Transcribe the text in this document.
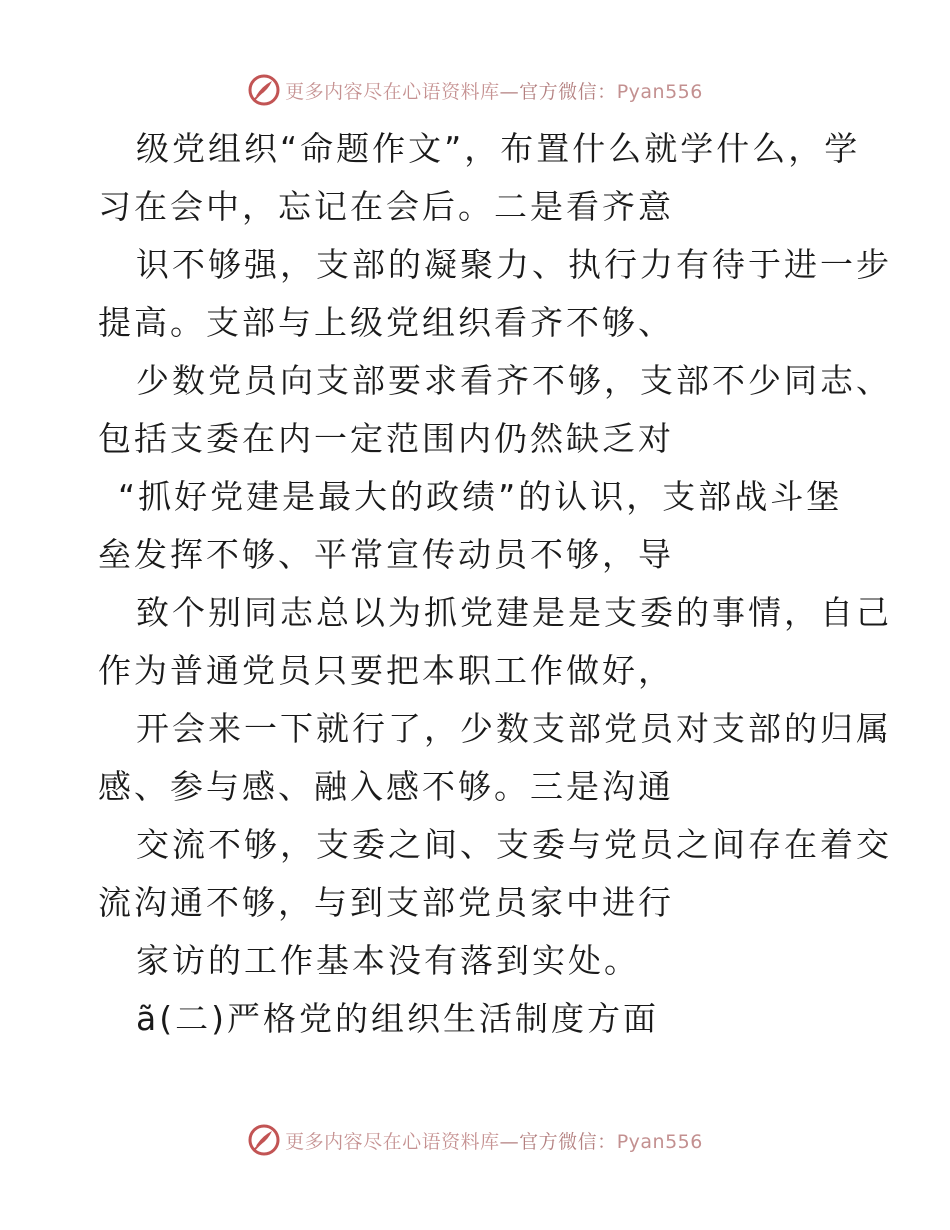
更多内容尽在心语资料库—官方微信：Pyan556
级党组织“命题作文”，布置什么就学什么，学
习在会中，忘记在会后。二是看齐意
识不够强，支部的凝聚力、执行力有待于进一步
提高。支部与上级党组织看齐不够、
少数党员向支部要求看齐不够，支部不少同志、
包括支委在内一定范围内仍然缺乏对
“抓好党建是最大的政绩”的认识，支部战斗堡
垒发挥不够、平常宣传动员不够，导
致个别同志总以为抓党建是是支委的事情，自己
作为普通党员只要把本职工作做好，
开会来一下就行了，少数支部党员对支部的归属
感、参与感、融入感不够。三是沟通
交流不够，支委之间、支委与党员之间存在着交
流沟通不够，与到支部党员家中进行
家访的工作基本没有落到实处。
ã(二)严格党的组织生活制度方面
更多内容尽在心语资料库—官方微信：Pyan556
